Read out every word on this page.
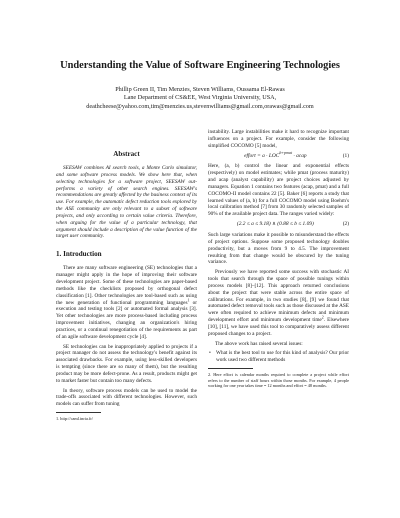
Understanding the Value of Software Engineering Technologies
Phillip Green II, Tim Menzies, Steven Williams, Oussama El-Rawas
Lane Department of CS&EE, West Virginia University, USA,
deathcheese@yahoo.com,tim@menzies.us,stevenwilliams@gmail.com,orawas@gmail.com
Abstract

SEESAW combines AI search tools, a Monte Carlo simulator, and some software process models. We show here that, when selecting technologies for a software project, SEESAW out-performs a variety of other search engines. SEESAW's recommendations are greatly affected by the business context of its use. For example, the automatic defect reduction tools explored by the ASE community are only relevant to a subset of software projects, and only according to certain value criteria. Therefore, when arguing for the value of a particular technology, that argument should include a description of the value function of the target user community.

1. Introduction

There are many software engineering (SE) technologies that a manager might apply in the hope of improving their software development project. Some of these technologies are paper-based methods like the checklists proposed by orthogonal defect classification [1]. Other technologies are tool-based such as using the new generation of functional programming languages$^1$ or execution and testing tools [2] or automated formal analysis [3]. Yet other technologies are more process-based including process improvement initiatives, changing an organization's hiring practices, or a continual renegotiation of the requirements as part of an agile software development cycle [4].

SE technologies can be inappropriately applied to projects if a project manager do not assess the technology's benefit against its associated drawbacks. For example, using less-skilled developers is tempting (since there are so many of them), but the resulting product may be more defect-prone. As a result, products might get to market faster but contain too many defects.

In theory, software process models can be used to model the trade-offs associated with different technologies. However, such models can suffer from tuning

1. http://caml.inria.fr/

instability. Large instabilities make it hard to recognize important influences on a project. For example, consider the following simplified COCOMO [5] model,

effort = $a \cdot LOC^{b+pmat}$ · acap	(1)

Here, (a, b) control the linear and exponential effects (respectively) on model estimates; while pmat (process maturity) and acap (analyst capability) are project choices adjusted by managers. Equation 1 contains two features (acap, pmat) and a full COCOMO-II model contains 22 [5]. Baker [6] reports a study that learned values of (a, b) for a full COCOMO model using Boehm's local calibration method [7] from 30 randomly selected samples of 90% of the available project data. The ranges varied widely:

(2.2 ≤ a ≤ 9.18) ∧ (0.88 ≤ b ≤ 1.09)	(2)

Such large variations make it possible to misunderstand the effects of project options. Suppose some proposed technology doubles productivity, but a moves from 9 to 4.5. The improvement resulting from that change would be obscured by the tuning variance.

Previously we have reported some success with stochastic AI tools that search through the space of possible tunings within process models [8]–[12]. This approach returned conclusions about the project that were stable across the entire space of calibrations. For example, in two studies [8], [9] we found that automated defect removal tools such as those discussed at the ASE were often required to achieve minimum defects and minimum development effort and minimum development time$^2$. Elsewhere [10], [11], we have used this tool to comparatively assess different proposed changes to a project.

The above work has raised several issues:

• What is the best tool to use for this kind of analysis? Our prior work used two different methods

2. Here effort is calendar months required to complete a project while effort refers to the number of staff hours within those months. For example, 4 people working for one year takes time = 12 months and effort = 48 months.
